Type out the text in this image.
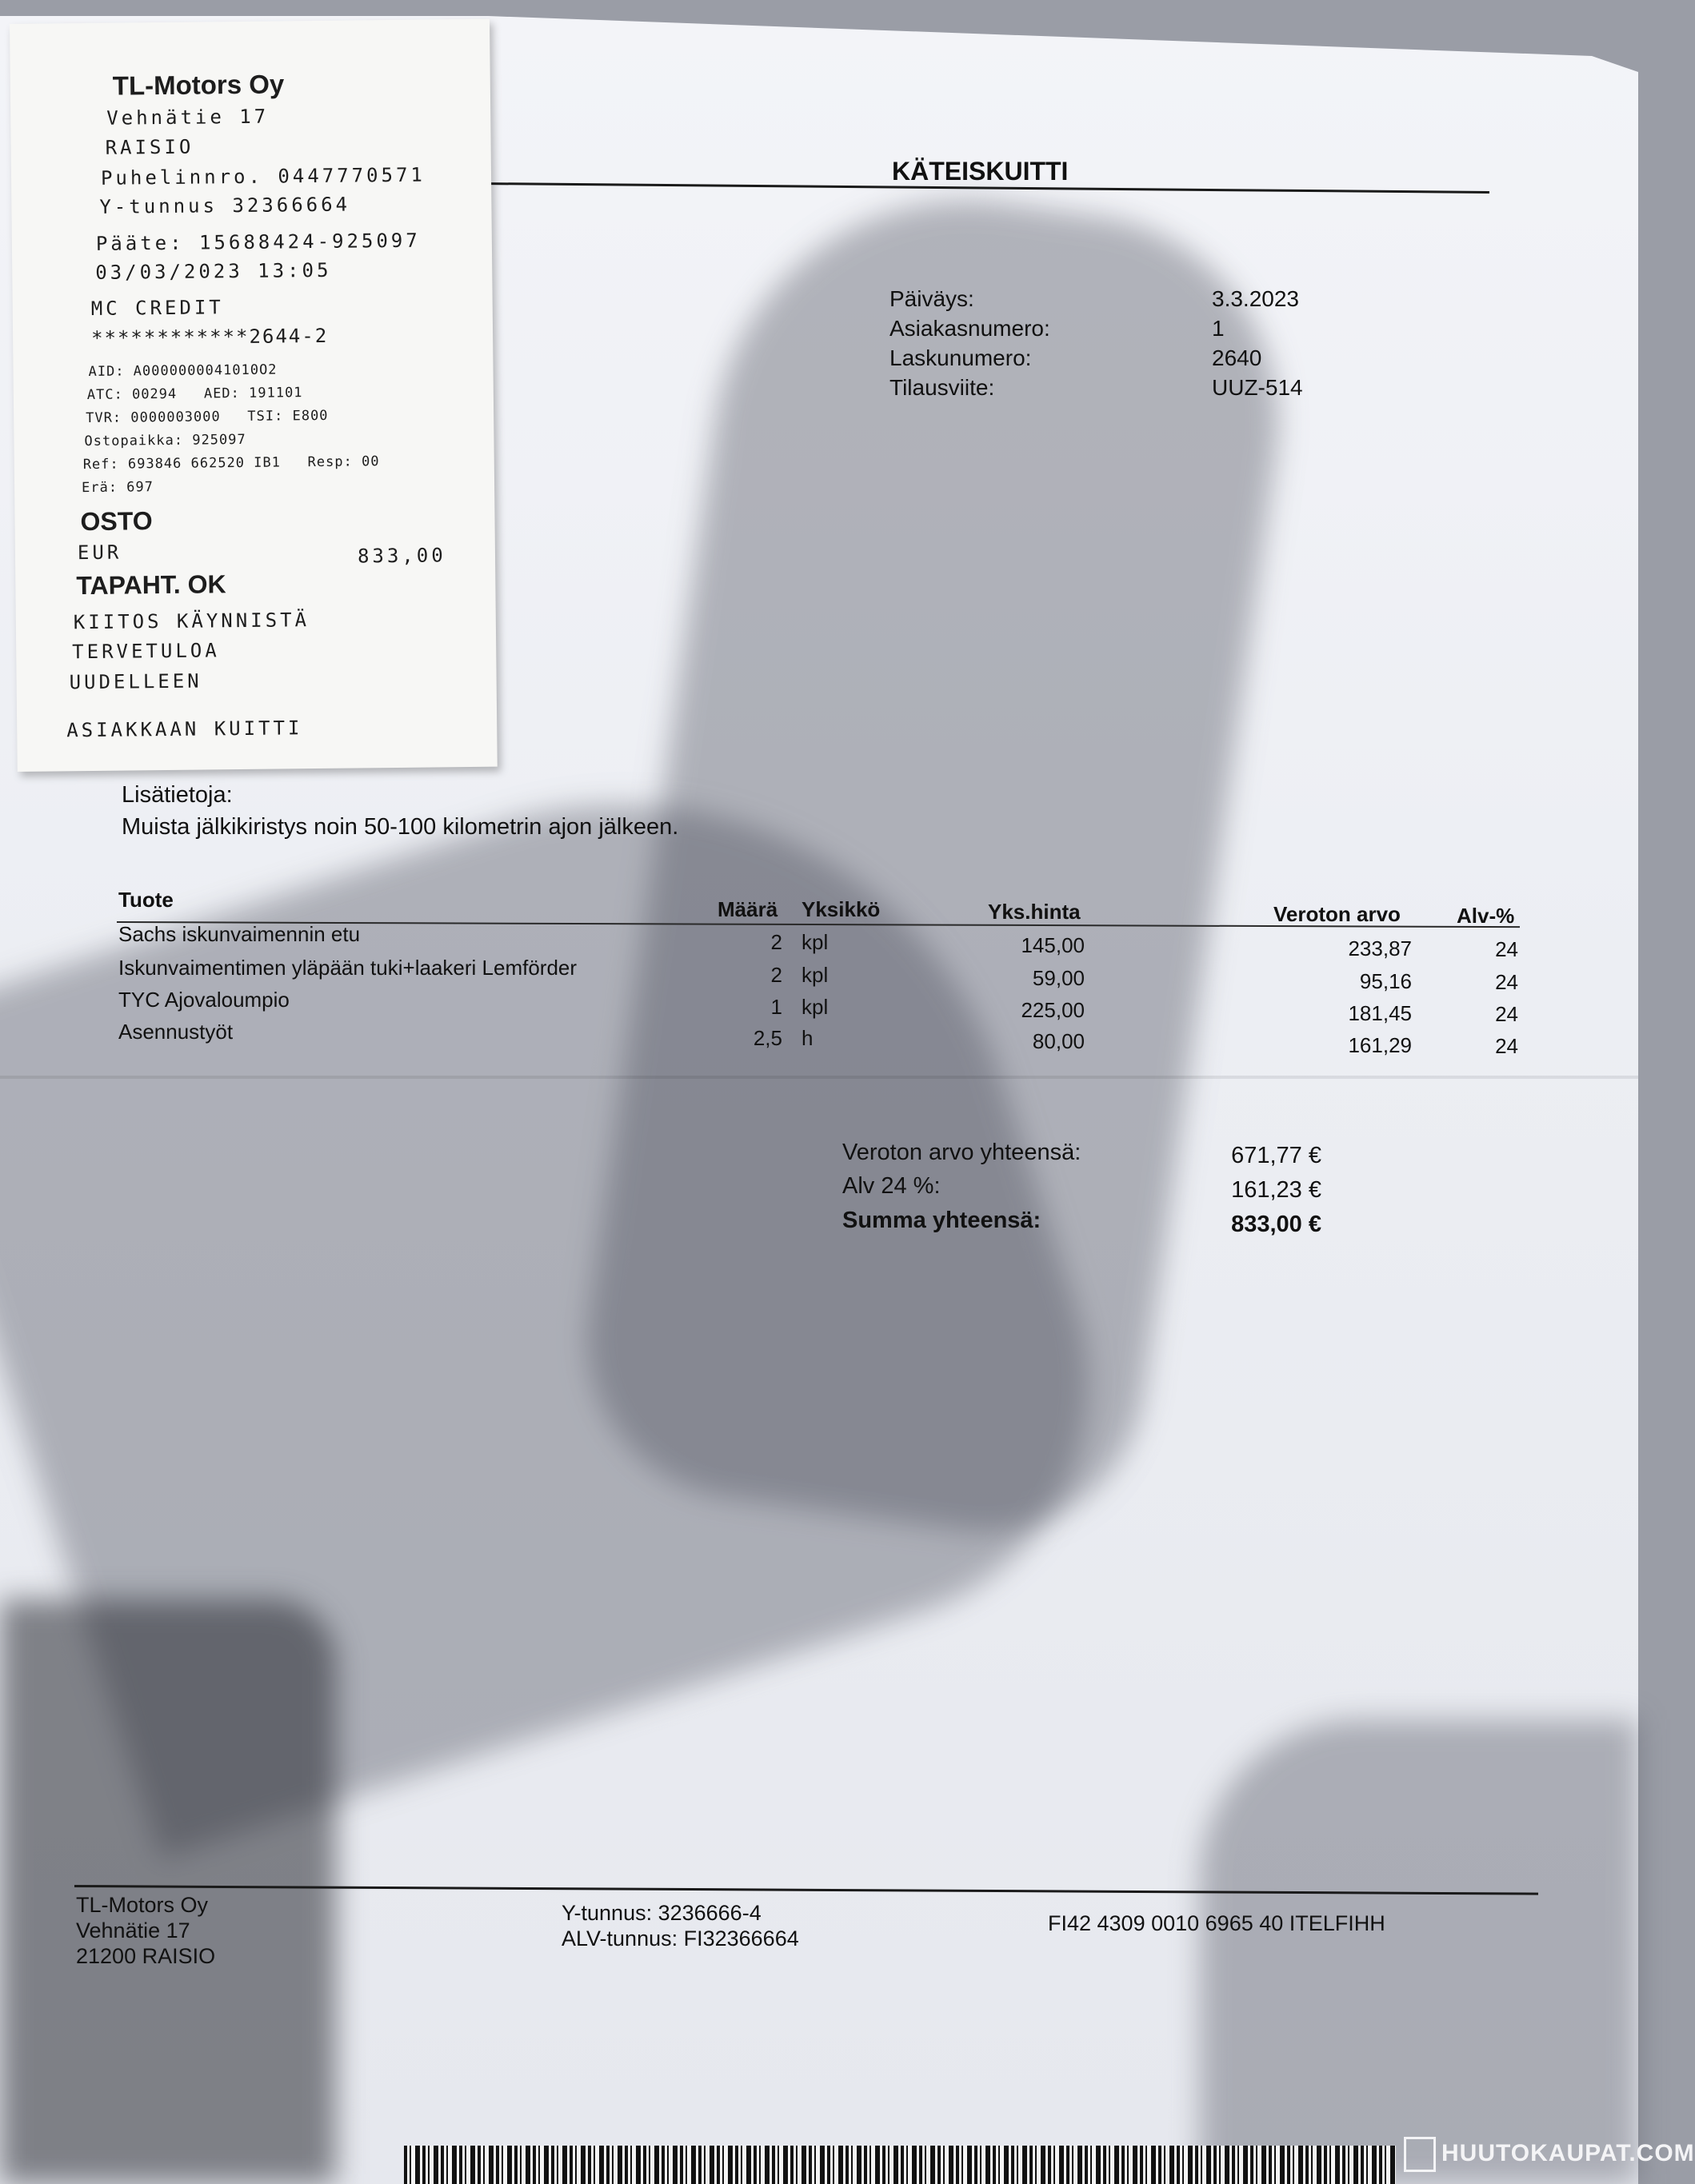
KÄTEISKUITTI
Päiväys:	3.3.2023
Asiakasnumero:	1
Laskunumero:	2640
Tilausviite:	UUZ-514
Lisätietoja:
Muista jälkikiristys noin 50-100 kilometrin ajon jälkeen.
Tuote	Määrä Yksikkö	Yks.hinta	Veroton arvo	Alv-%
Sachs iskunvaimennin etu	2 kpl	145,00	233,87	24
Iskunvaimentimen yläpään tuki+laakeri Lemförder	2 kpl	59,00	95,16	24
TYC Ajovaloumpio	1 kpl	225,00	181,45	24
Asennustyöt	2,5 h	80,00	161,29	24
Veroton arvo yhteensä:	671,77 €
Alv 24 %:	161,23 €
Summa yhteensä:	833,00 €
TL-Motors Oy
Vehnätie 17
21200 RAISIO
Y-tunnus: 3236666-4
ALV-tunnus: FI32366664
FI42 4309 0010 6965 40 ITELFIHH
HUUTOKAUPAT.COM
TL-Motors Oy
Vehnätie 17
RAISIO
Puhelinnro. 0447770571
Y-tunnus 32366664
Pääte: 15688424-925097
03/03/2023 13:05
MC CREDIT
************2644-2
AID: A0000000041010O2
ATC: 00294   AED: 191101
TVR: 0000003000   TSI: E800
Ostopaikka: 925097
Ref: 693846 662520 IB1   Resp: 00
Erä: 697
OSTO
EUR	833,00
TAPAHT. OK
KIITOS KÄYNNISTÄ
TERVETULOA
UUDELLEEN
ASIAKKAAN KUITTI
